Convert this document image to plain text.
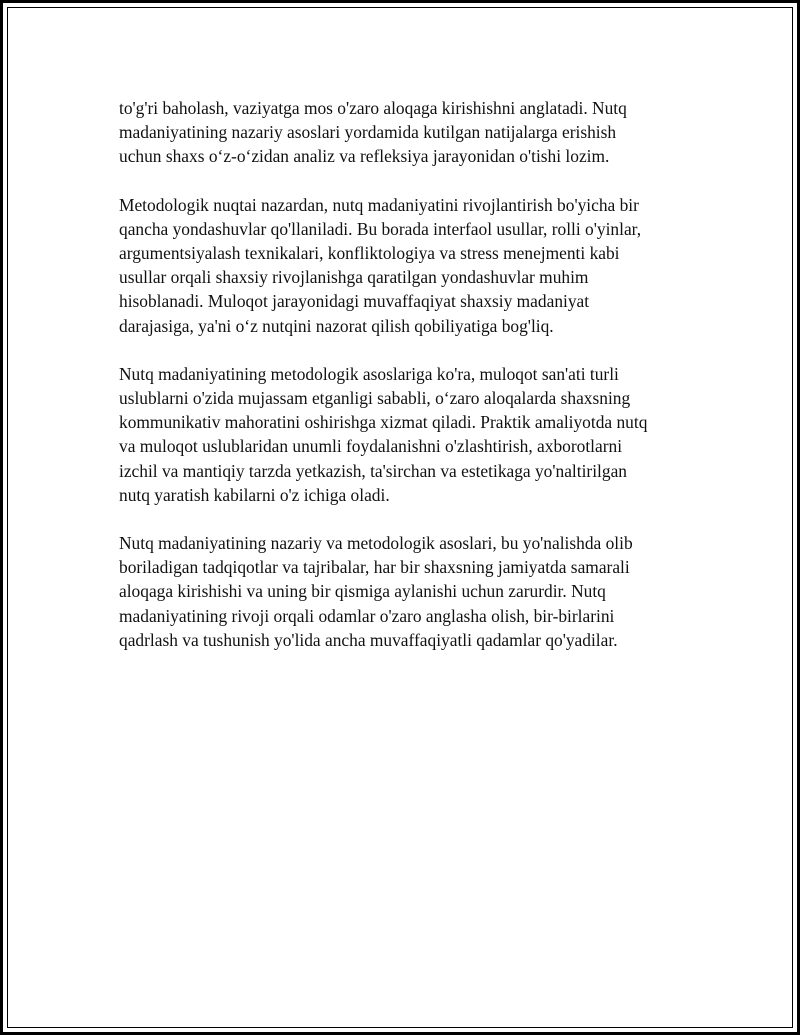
to'g'ri baholash, vaziyatga mos o'zaro aloqaga kirishishni anglatadi. Nutq
madaniyatining nazariy asoslari yordamida kutilgan natijalarga erishish
uchun shaxs o‘z-o‘zidan analiz va refleksiya jarayonidan o'tishi lozim.

Metodologik nuqtai nazardan, nutq madaniyatini rivojlantirish bo'yicha bir
qancha yondashuvlar qo'llaniladi. Bu borada interfaol usullar, rolli o'yinlar,
argumentsiyalash texnikalari, konfliktologiya va stress menejmenti kabi
usullar orqali shaxsiy rivojlanishga qaratilgan yondashuvlar muhim
hisoblanadi. Muloqot jarayonidagi muvaffaqiyat shaxsiy madaniyat
darajasiga, ya'ni o‘z nutqini nazorat qilish qobiliyatiga bog'liq.

Nutq madaniyatining metodologik asoslariga ko'ra, muloqot san'ati turli
uslublarni o'zida mujassam etganligi sababli, o‘zaro aloqalarda shaxsning
kommunikativ mahoratini oshirishga xizmat qiladi. Praktik amaliyotda nutq
va muloqot uslublaridan unumli foydalanishni o'zlashtirish, axborotlarni
izchil va mantiqiy tarzda yetkazish, ta'sirchan va estetikaga yo'naltirilgan
nutq yaratish kabilarni o'z ichiga oladi.

Nutq madaniyatining nazariy va metodologik asoslari, bu yo'nalishda olib
boriladigan tadqiqotlar va tajribalar, har bir shaxsning jamiyatda samarali
aloqaga kirishishi va uning bir qismiga aylanishi uchun zarurdir. Nutq
madaniyatining rivoji orqali odamlar o'zaro anglasha olish, bir-birlarini
qadrlash va tushunish yo'lida ancha muvaffaqiyatli qadamlar qo'yadilar.
